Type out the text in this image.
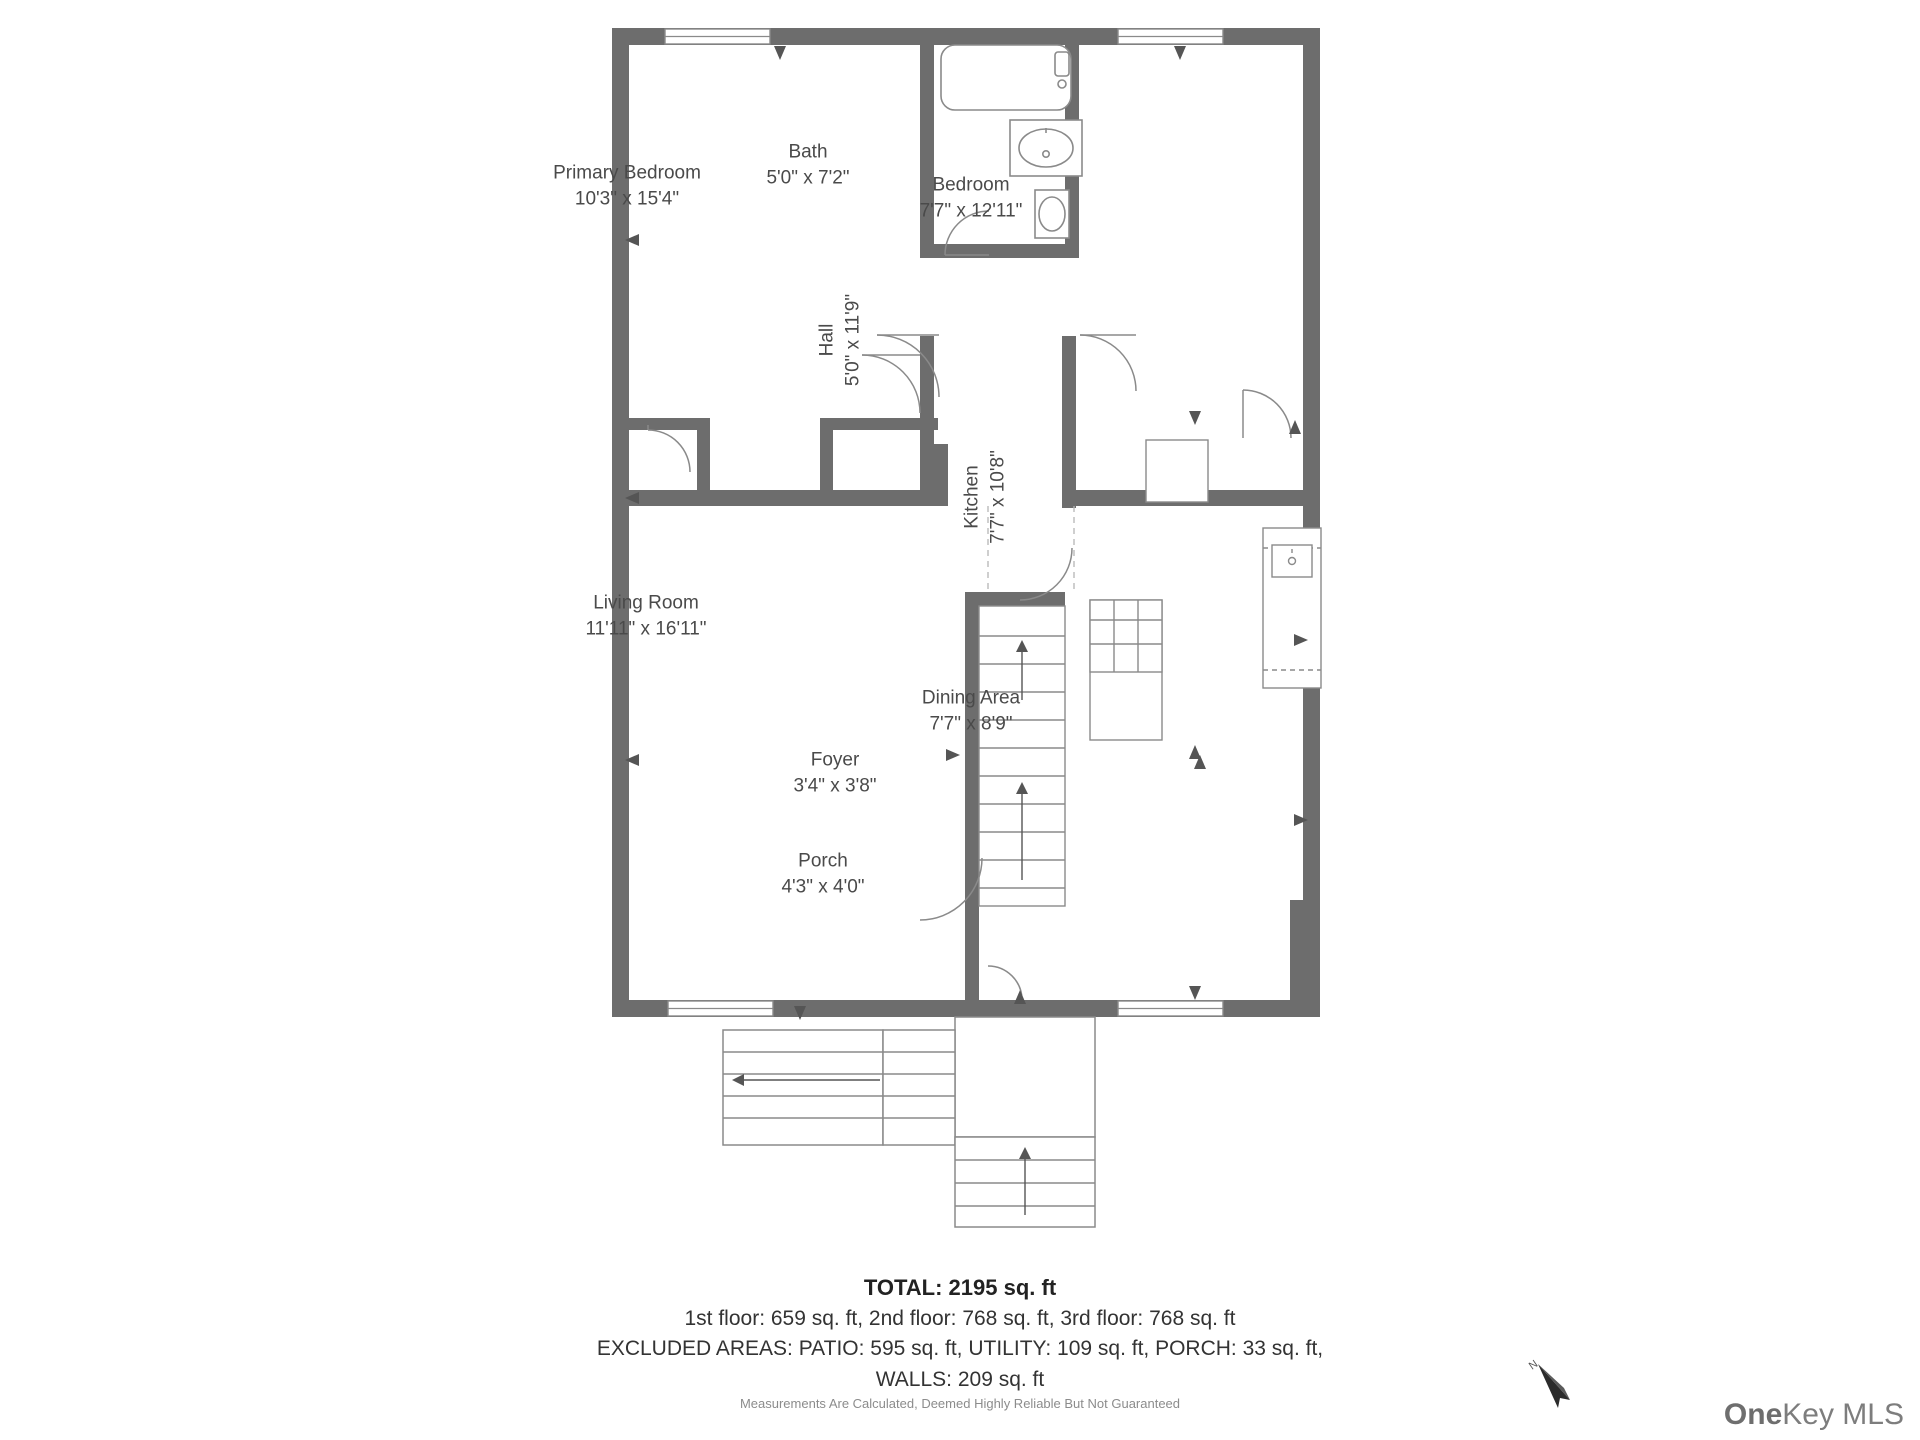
Primary Bedroom
10'3" x 15'4"
Bath
5'0" x 7'2"	Bedroom
7'7" x 12'11"
Hall 5'0" x 11'9"
Kitchen 7'7" x 10'8"
Living Room
11'11" x 16'11"
Dining Area
7'7" x 8'9"
Foyer
3'4" x 3'8"
Porch
4'3" x 4'0"
TOTAL: 2195 sq. ft
1st floor: 659 sq. ft, 2nd floor: 768 sq. ft, 3rd floor: 768 sq. ft
EXCLUDED AREAS: PATIO: 595 sq. ft, UTILITY: 109 sq. ft, PORCH: 33 sq. ft,
WALLS: 209 sq. ft
Measurements Are Calculated, Deemed Highly Reliable But Not Guaranteed
N
OneKey MLS
